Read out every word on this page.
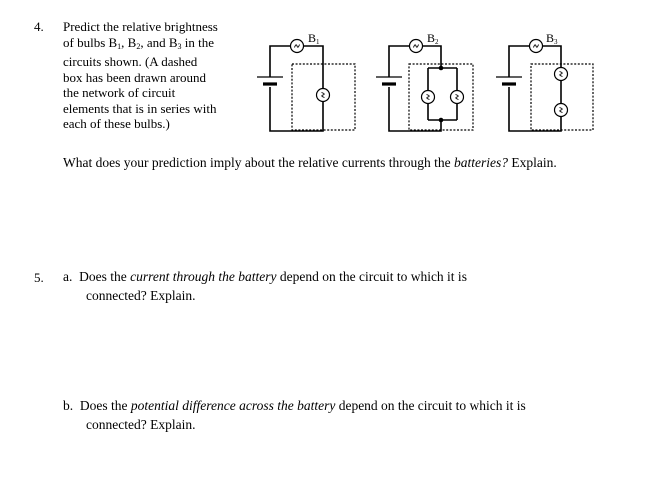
4. Predict the relative brightness
of bulbs $B_1$, $B_2$, and $B_3$ in the
circuits shown. (A dashed
box has been drawn around
the network of circuit
elements that is in series with
each of these bulbs.)
B1	B2	B3
What does your prediction imply about the relative currents through the batteries? Explain.
5. a. Does the current through the battery depend on the circuit to which it is
connected? Explain.
b. Does the potential difference across the battery depend on the circuit to which it is
connected? Explain.
